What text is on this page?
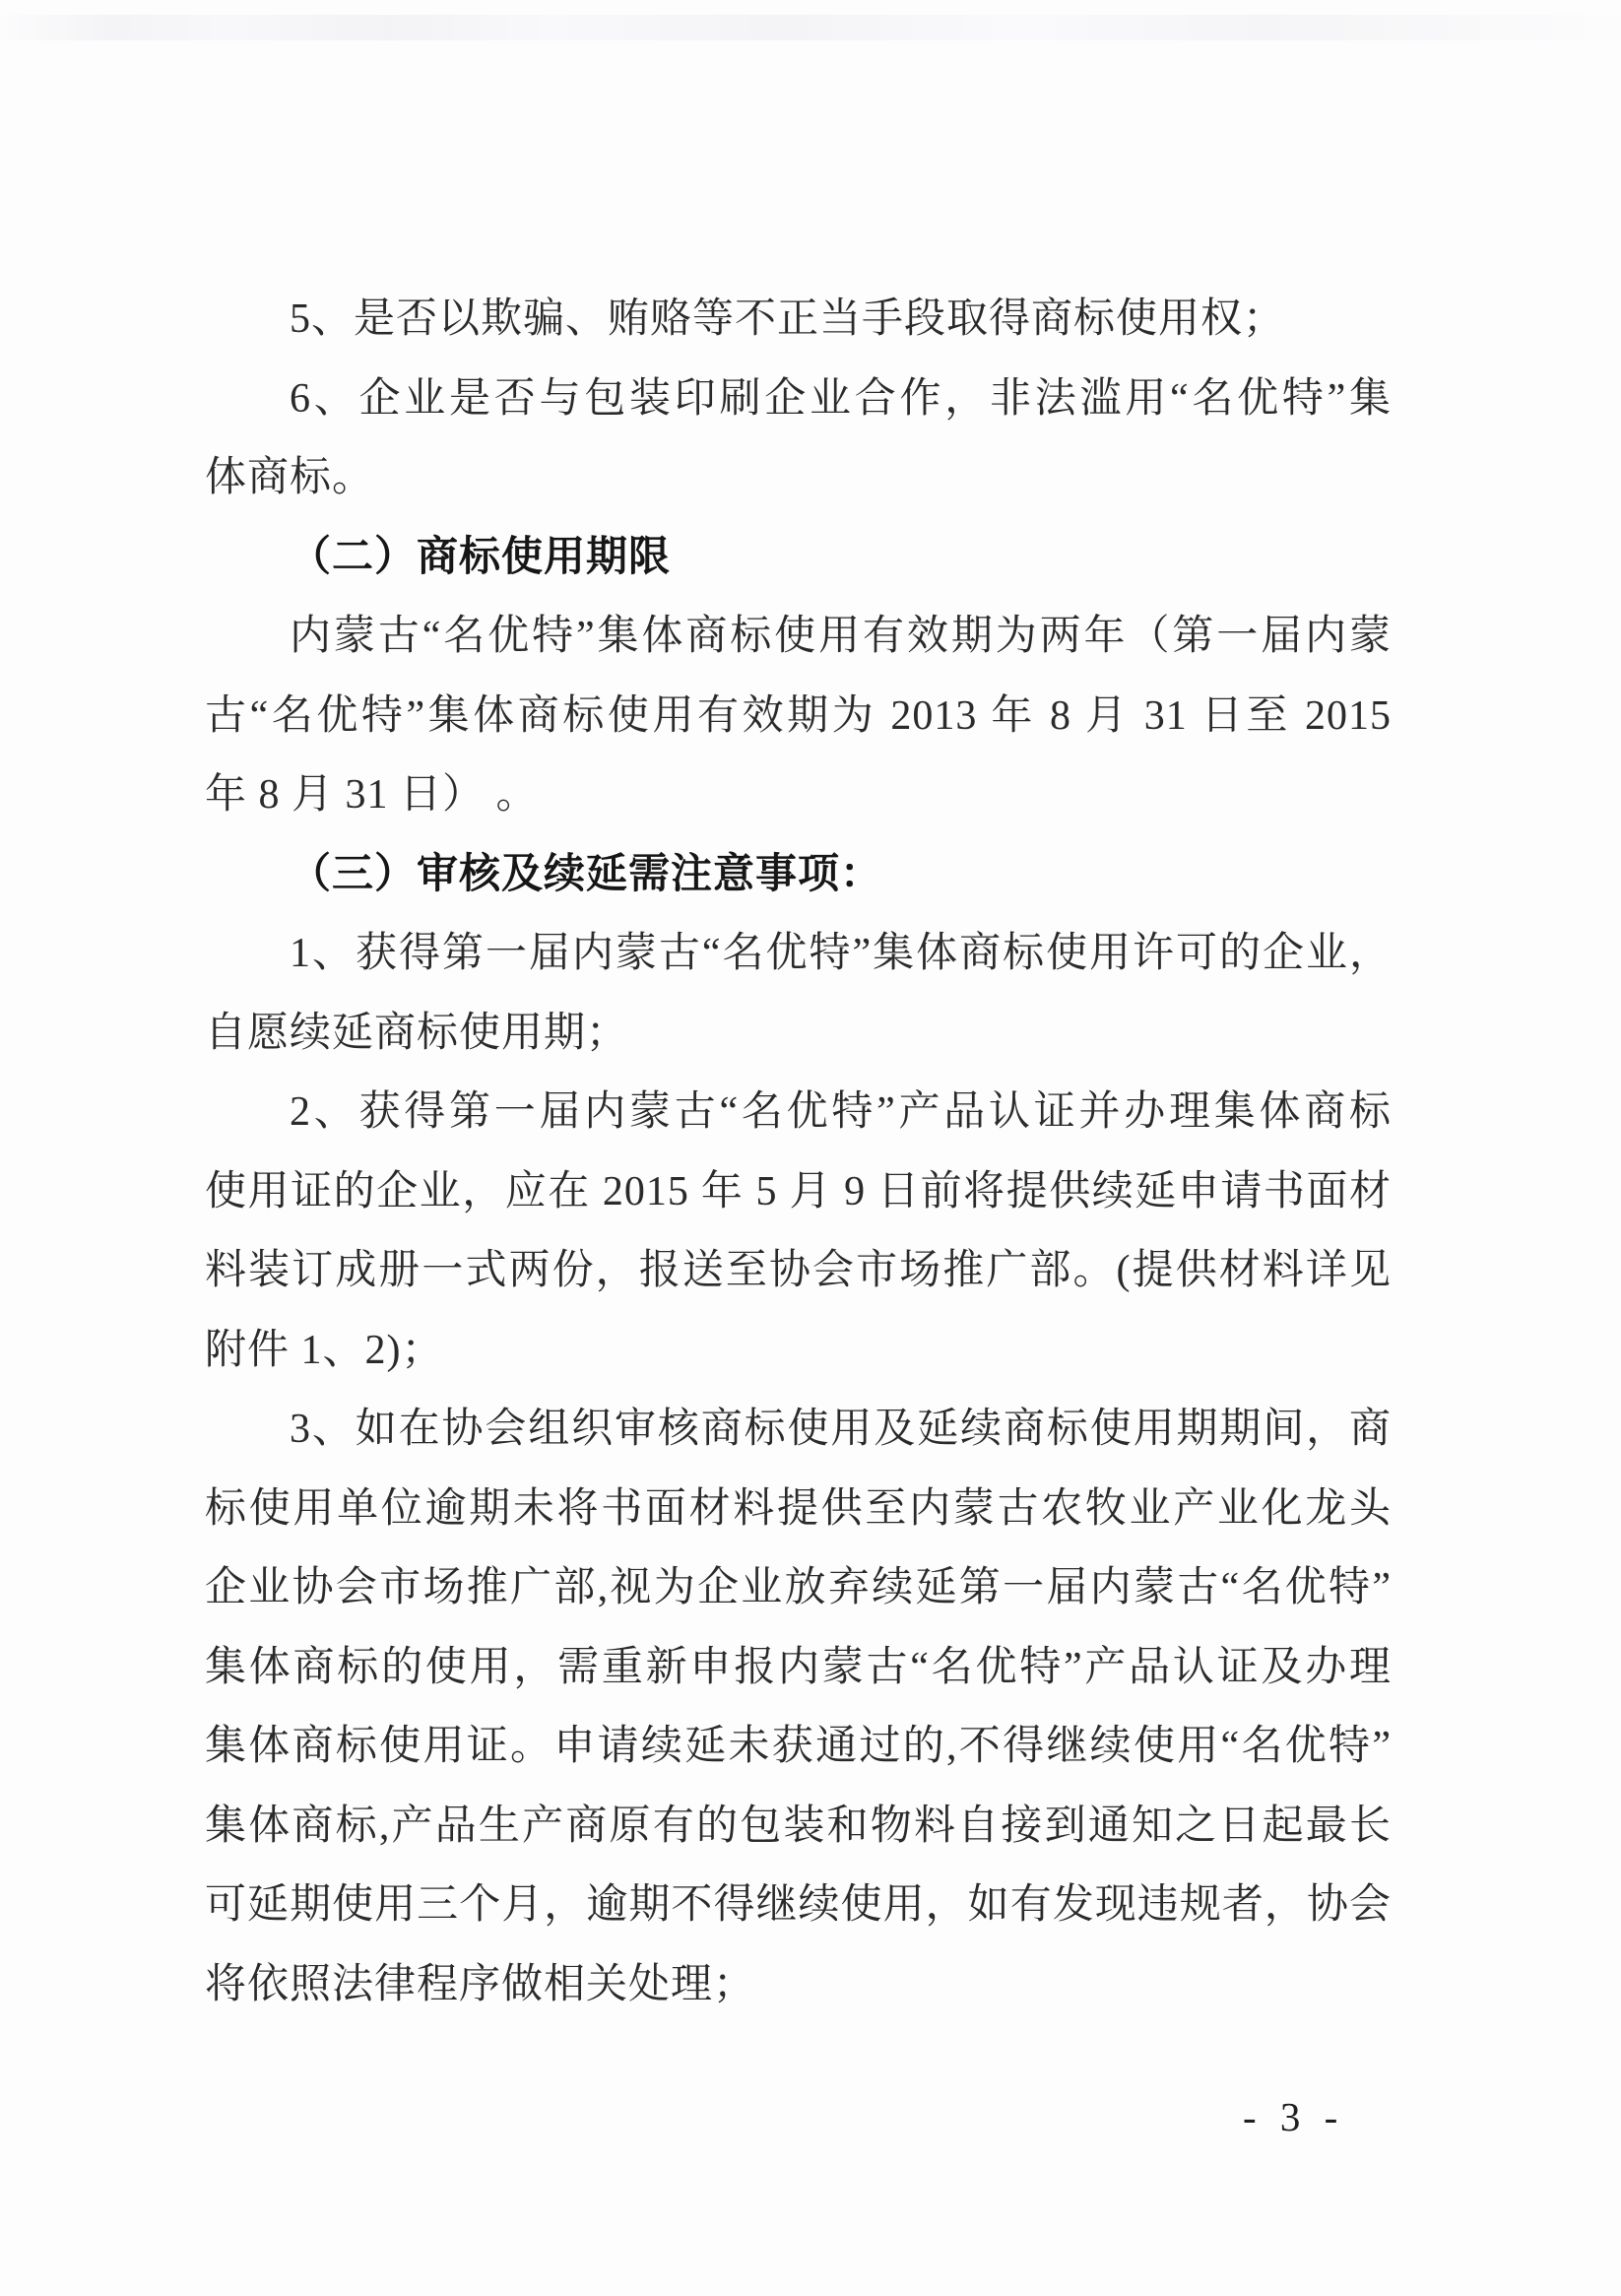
5、是否以欺骗、贿赂等不正当手段取得商标使用权；
6、企业是否与包装印刷企业合作，非法滥用“名优特”集
体商标。
（二）商标使用期限
内蒙古“名优特”集体商标使用有效期为两年（第一届内蒙
古“名优特”集体商标使用有效期为 2013 年 8 月 31 日至 2015
年 8 月 31 日） 。
（三）审核及续延需注意事项：
1、获得第一届内蒙古“名优特”集体商标使用许可的企业，
自愿续延商标使用期；
2、获得第一届内蒙古“名优特”产品认证并办理集体商标
使用证的企业，应在 2015 年 5 月 9 日前将提供续延申请书面材
料装订成册一式两份，报送至协会市场推广部。(提供材料详见
附件 1、2)；
3、如在协会组织审核商标使用及延续商标使用期期间，商
标使用单位逾期未将书面材料提供至内蒙古农牧业产业化龙头
企业协会市场推广部,视为企业放弃续延第一届内蒙古“名优特”
集体商标的使用，需重新申报内蒙古“名优特”产品认证及办理
集体商标使用证。申请续延未获通过的,不得继续使用“名优特”
集体商标,产品生产商原有的包装和物料自接到通知之日起最长
可延期使用三个月，逾期不得继续使用，如有发现违规者，协会
将依照法律程序做相关处理；
- 3 -
